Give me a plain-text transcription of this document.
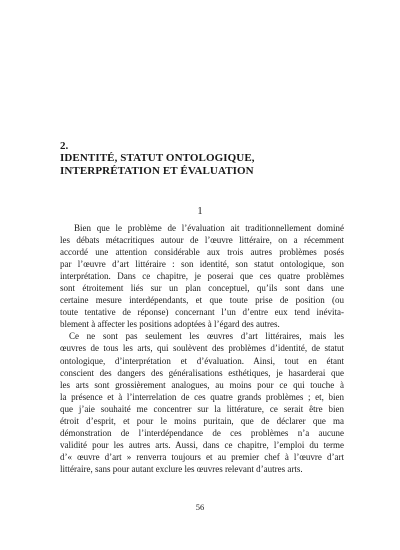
2.
IDENTITÉ, STATUT ONTOLOGIQUE,
INTERPRÉTATION ET ÉVALUATION

1

Bien que le problème de l’évaluation ait traditionnellement dominé
les débats métacritiques autour de l’œuvre littéraire, on a récemment
accordé une attention considérable aux trois autres problèmes posés
par l’œuvre d’art littéraire : son identité, son statut ontologique, son
interprétation. Dans ce chapitre, je poserai que ces quatre problèmes
sont étroitement liés sur un plan conceptuel, qu’ils sont dans une
certaine mesure interdépendants, et que toute prise de position (ou
toute tentative de réponse) concernant l’un d’entre eux tend inévita-
blement à affecter les positions adoptées à l’égard des autres.

Ce ne sont pas seulement les œuvres d’art littéraires, mais les
œuvres de tous les arts, qui soulèvent des problèmes d’identité, de statut
ontologique, d’interprétation et d’évaluation. Ainsi, tout en étant
conscient des dangers des généralisations esthétiques, je hasarderai que
les arts sont grossièrement analogues, au moins pour ce qui touche à
la présence et à l’interrelation de ces quatre grands problèmes ; et, bien
que j’aie souhaité me concentrer sur la littérature, ce serait être bien
étroit d’esprit, et pour le moins puritain, que de déclarer que ma
démonstration de l’interdépendance de ces problèmes n’a aucune
validité pour les autres arts. Aussi, dans ce chapitre, l’emploi du terme
d’« œuvre d’art » renverra toujours et au premier chef à l’œuvre d’art
littéraire, sans pour autant exclure les œuvres relevant d’autres arts.

56
